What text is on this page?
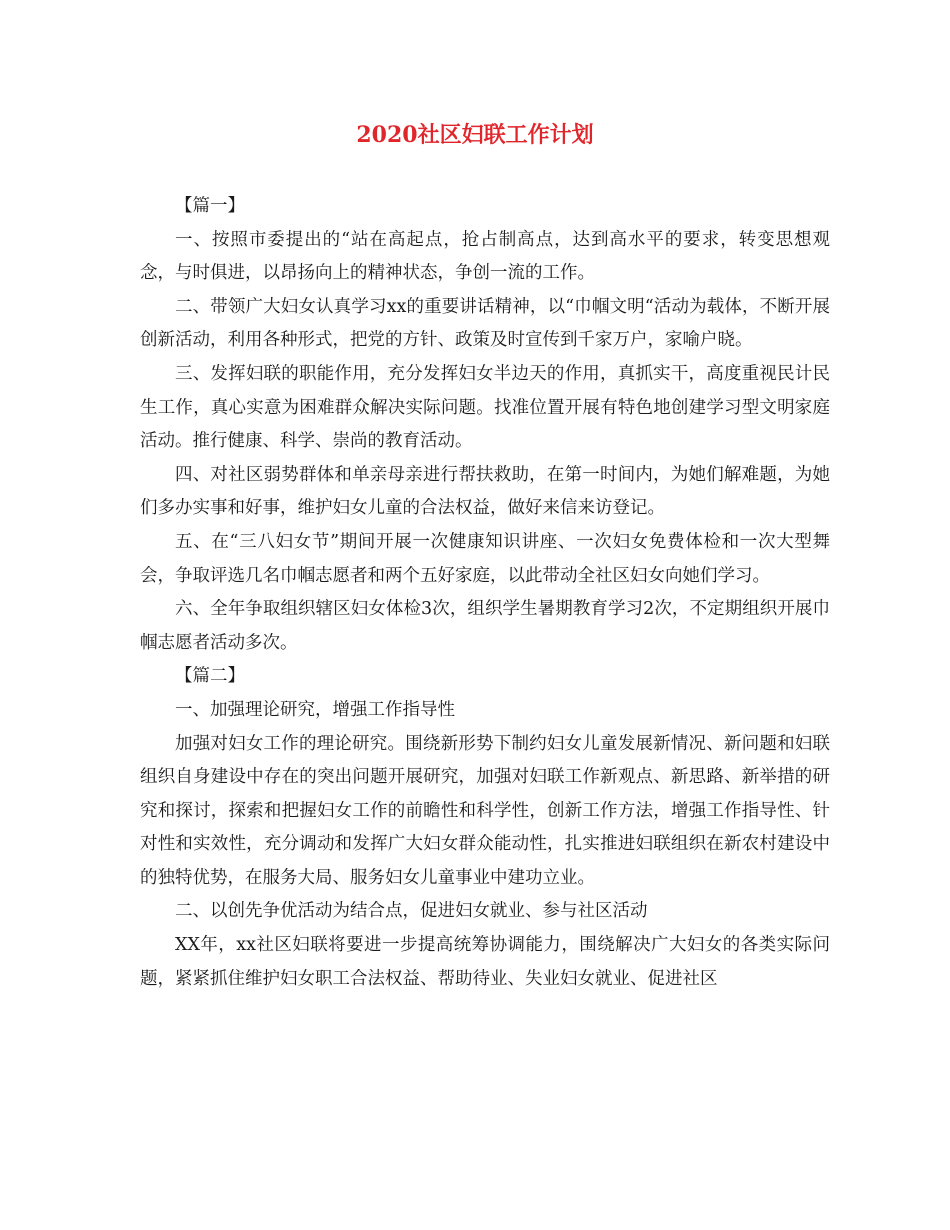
2020社区妇联工作计划

【篇一】

一、按照市委提出的“站在高起点，抢占制高点，达到高水平的要求，转变思想观念，与时俱进，以昂扬向上的精神状态，争创一流的工作。

二、带领广大妇女认真学习xx的重要讲话精神，以“巾帼文明“活动为载体，不断开展创新活动，利用各种形式，把党的方针、政策及时宣传到千家万户，家喻户晓。

三、发挥妇联的职能作用，充分发挥妇女半边天的作用，真抓实干，高度重视民计民生工作，真心实意为困难群众解决实际问题。找准位置开展有特色地创建学习型文明家庭活动。推行健康、科学、崇尚的教育活动。

四、对社区弱势群体和单亲母亲进行帮扶救助，在第一时间内，为她们解难题，为她们多办实事和好事，维护妇女儿童的合法权益，做好来信来访登记。

五、在“三八妇女节”期间开展一次健康知识讲座、一次妇女免费体检和一次大型舞会，争取评选几名巾帼志愿者和两个五好家庭，以此带动全社区妇女向她们学习。

六、全年争取组织辖区妇女体检3次，组织学生暑期教育学习2次，不定期组织开展巾帼志愿者活动多次。

【篇二】

一、加强理论研究，增强工作指导性

加强对妇女工作的理论研究。围绕新形势下制约妇女儿童发展新情况、新问题和妇联组织自身建设中存在的突出问题开展研究，加强对妇联工作新观点、新思路、新举措的研究和探讨，探索和把握妇女工作的前瞻性和科学性，创新工作方法，增强工作指导性、针对性和实效性，充分调动和发挥广大妇女群众能动性，扎实推进妇联组织在新农村建设中的独特优势，在服务大局、服务妇女儿童事业中建功立业。

二、以创先争优活动为结合点，促进妇女就业、参与社区活动

XX年，xx社区妇联将要进一步提高统筹协调能力，围绕解决广大妇女的各类实际问题，紧紧抓住维护妇女职工合法权益、帮助待业、失业妇女就业、促进社区
